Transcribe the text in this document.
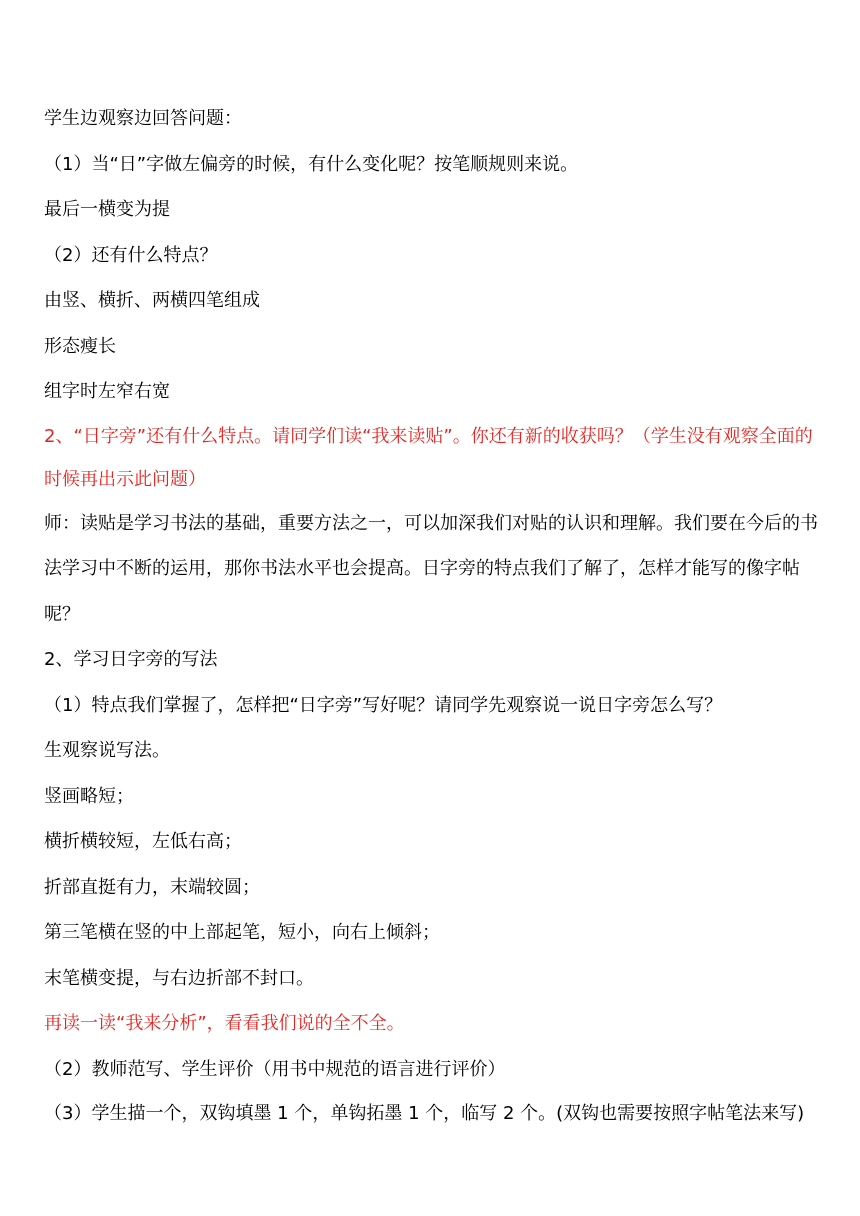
学生边观察边回答问题：

（1）当“日”字做左偏旁的时候，有什么变化呢？按笔顺规则来说。

最后一横变为提

（2）还有什么特点？

由竖、横折、两横四笔组成

形态瘦长

组字时左窄右宽

2、“日字旁”还有什么特点。请同学们读“我来读贴”。你还有新的收获吗？（学生没有观察全面的时候再出示此问题）

师：读贴是学习书法的基础，重要方法之一，可以加深我们对贴的认识和理解。我们要在今后的书法学习中不断的运用，那你书法水平也会提高。日字旁的特点我们了解了，怎样才能写的像字帖呢？

2、学习日字旁的写法

（1）特点我们掌握了，怎样把“日字旁”写好呢？请同学先观察说一说日字旁怎么写？

生观察说写法。

竖画略短；

横折横较短，左低右高；

折部直挺有力，末端较圆；

第三笔横在竖的中上部起笔，短小，向右上倾斜；

末笔横变提，与右边折部不封口。

再读一读“我来分析”，看看我们说的全不全。

（2）教师范写、学生评价（用书中规范的语言进行评价）

（3）学生描一个，双钩填墨 1 个，单钩拓墨 1 个，临写 2 个。(双钩也需要按照字帖笔法来写)
